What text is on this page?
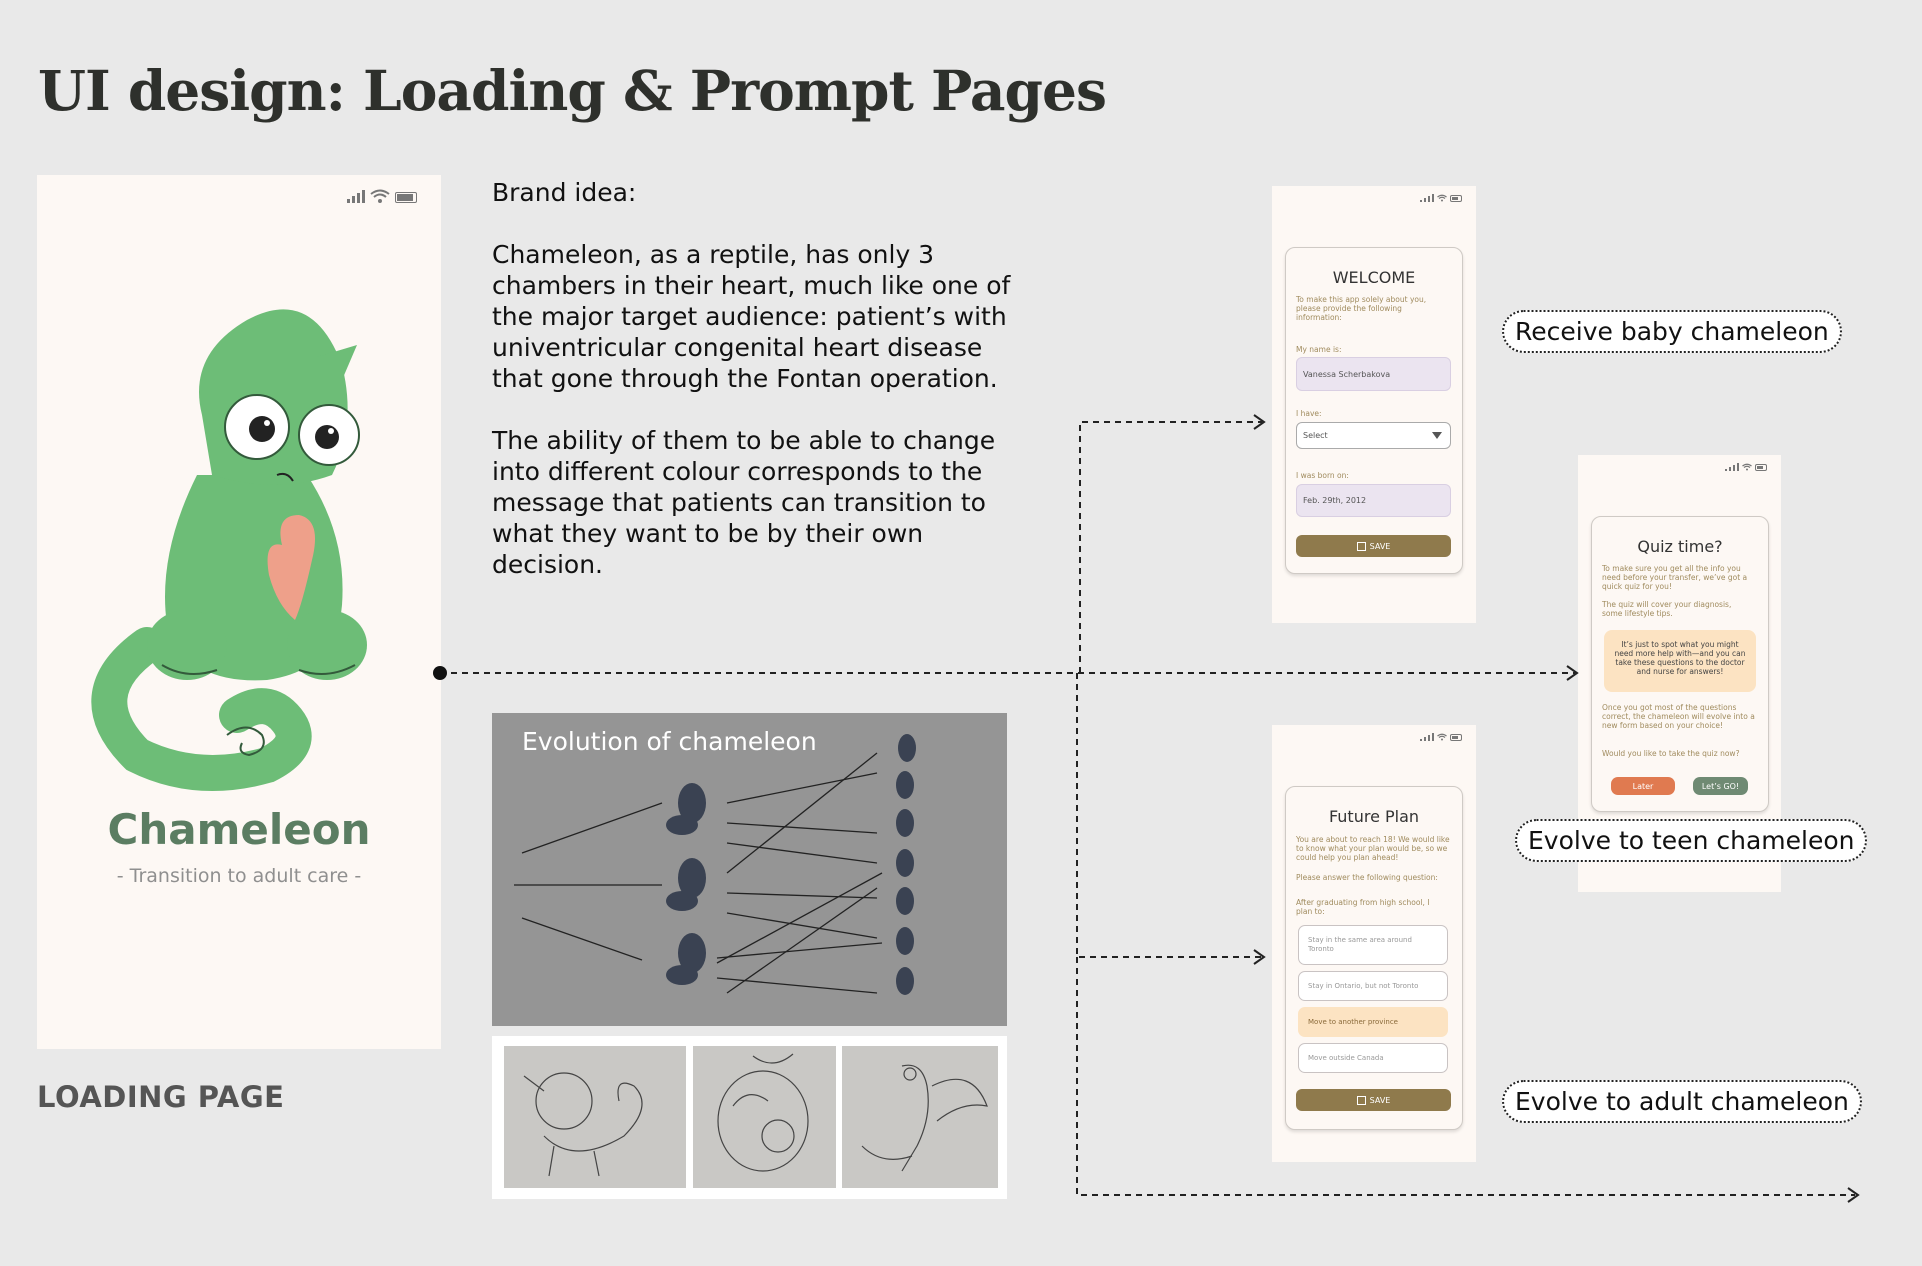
UI design: Loading & Prompt Pages
Chameleon
- Transition to adult care -
LOADING PAGE

Brand idea:

Chameleon, as a reptile, has only 3 chambers in their heart, much like one of the major target audience: patient’s with univentricular congenital heart disease that gone through the Fontan operation.

The ability of them to be able to change into different colour corresponds to the message that patients can transition to what they want to be by their own decision.

Evolution of chameleon
WELCOME
To make this app solely about you, please provide the following information:
My name is:
Vanessa Scherbakova
I have:
Select
I was born on:
Feb. 29th, 2012
SAVE	Quiz time?
To make sure you get all the info you need before your transfer, we’ve got a quick quiz for you!
The quiz will cover your diagnosis, some lifestyle tips.
It’s just to spot what you might need more help with—and you can take these questions to the doctor and nurse for answers!
Once you got most of the questions correct, the chameleon will evolve into a new form based on your choice!
Would you like to take the quiz now?
Later	Let’s GO!
Future Plan
You are about to reach 18! We would like to know what your plan would be, so we could help you plan ahead!
Please answer the following question:
After graduating from high school, I plan to:
Stay in the same area around Toronto
Stay in Ontario, but not Toronto
Move to another province
Move outside Canada
SAVE
Receive baby chameleon
Evolve to teen chameleon
Evolve to adult chameleon
